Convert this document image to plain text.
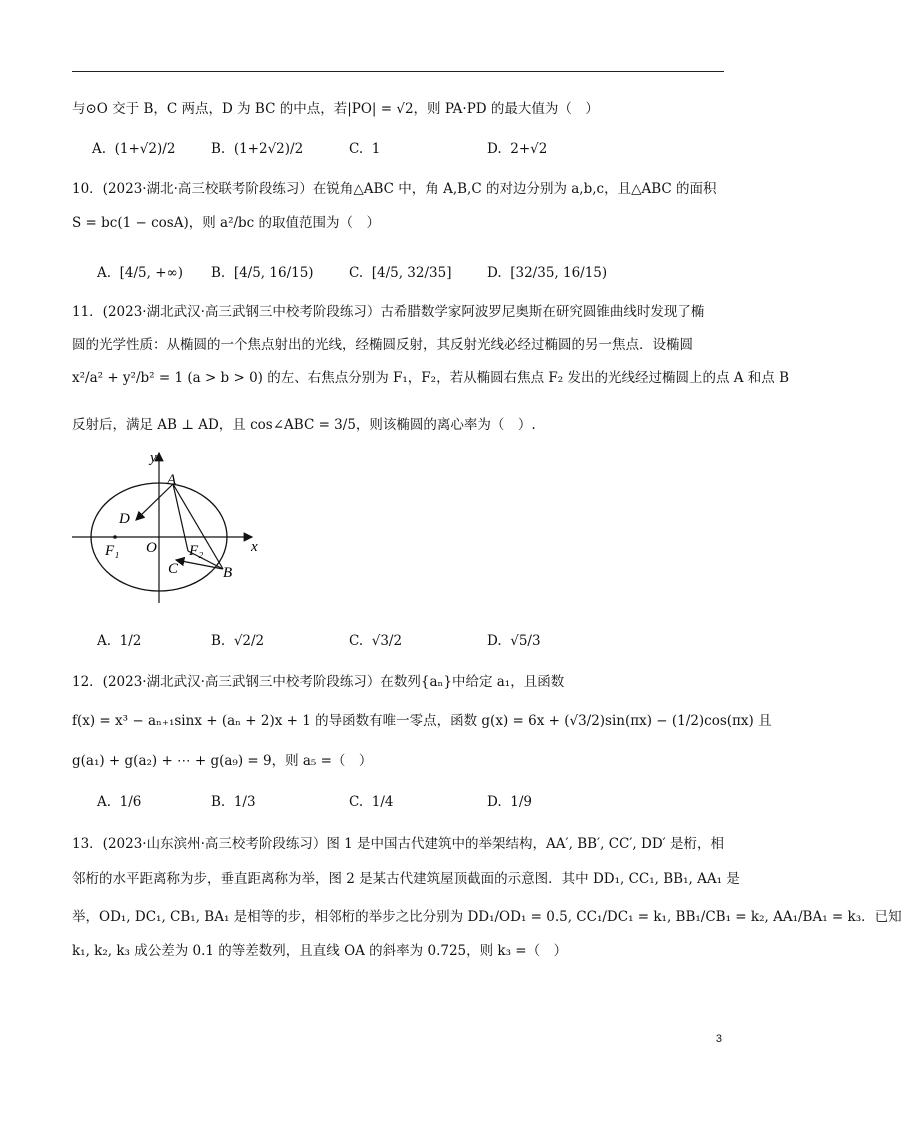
与⊙O 交于 B，C 两点，D 为 BC 的中点，若|PO| = √2，则 PA·PD 的最大值为（　）
A. (1+√2)/2	B. (1+2√2)/2	C. 1	D. 2+√2
10．(2023·湖北·高三校联考阶段练习）在锐角△ABC 中，角 A,B,C 的对边分别为 a,b,c，且△ABC 的面积
S = bc(1 − cosA)，则 a²/bc 的取值范围为（　）
A. [4/5, +∞) B. [4/5, 16/15)	C. [4/5, 32/35]	D. [32/35, 16/15)
11．(2023·湖北武汉·高三武钢三中校考阶段练习）古希腊数学家阿波罗尼奥斯在研究圆锥曲线时发现了椭
圆的光学性质：从椭圆的一个焦点射出的光线，经椭圆反射，其反射光线必经过椭圆的另一焦点．设椭圆
x²/a² + y²/b² = 1 (a > b > 0) 的左、右焦点分别为 F₁，F₂，若从椭圆右焦点 F₂ 发出的光线经过椭圆上的点 A 和点 B
反射后，满足 AB ⊥ AD，且 cos∠ABC = 3/5，则该椭圆的离心率为（　）.
y
x
A
D
O
F₁	F₂
C	B
A. 1/2	B. √2/2	C. √3/2	D. √5/3
12．(2023·湖北武汉·高三武钢三中校考阶段练习）在数列{aₙ}中给定 a₁，且函数
f(x) = x³ − aₙ₊₁sinx + (aₙ + 2)x + 1 的导函数有唯一零点，函数 g(x) = 6x + (√3/2)sin(πx) − (1/2)cos(πx) 且
g(a₁) + g(a₂) + ⋯ + g(a₉) = 9，则 a₅ =（　）
A. 1/6	B. 1/3	C. 1/4	D. 1/9
13．(2023·山东滨州·高三校考阶段练习）图 1 是中国古代建筑中的举架结构，AA′, BB′, CC′, DD′ 是桁，相
邻桁的水平距离称为步，垂直距离称为举，图 2 是某古代建筑屋顶截面的示意图．其中 DD₁, CC₁, BB₁, AA₁ 是
举，OD₁, DC₁, CB₁, BA₁ 是相等的步，相邻桁的举步之比分别为 DD₁/OD₁ = 0.5, CC₁/DC₁ = k₁, BB₁/CB₁ = k₂, AA₁/BA₁ = k₃．已知
k₁, k₂, k₃ 成公差为 0.1 的等差数列，且直线 OA 的斜率为 0.725，则 k₃ =（　）
3
